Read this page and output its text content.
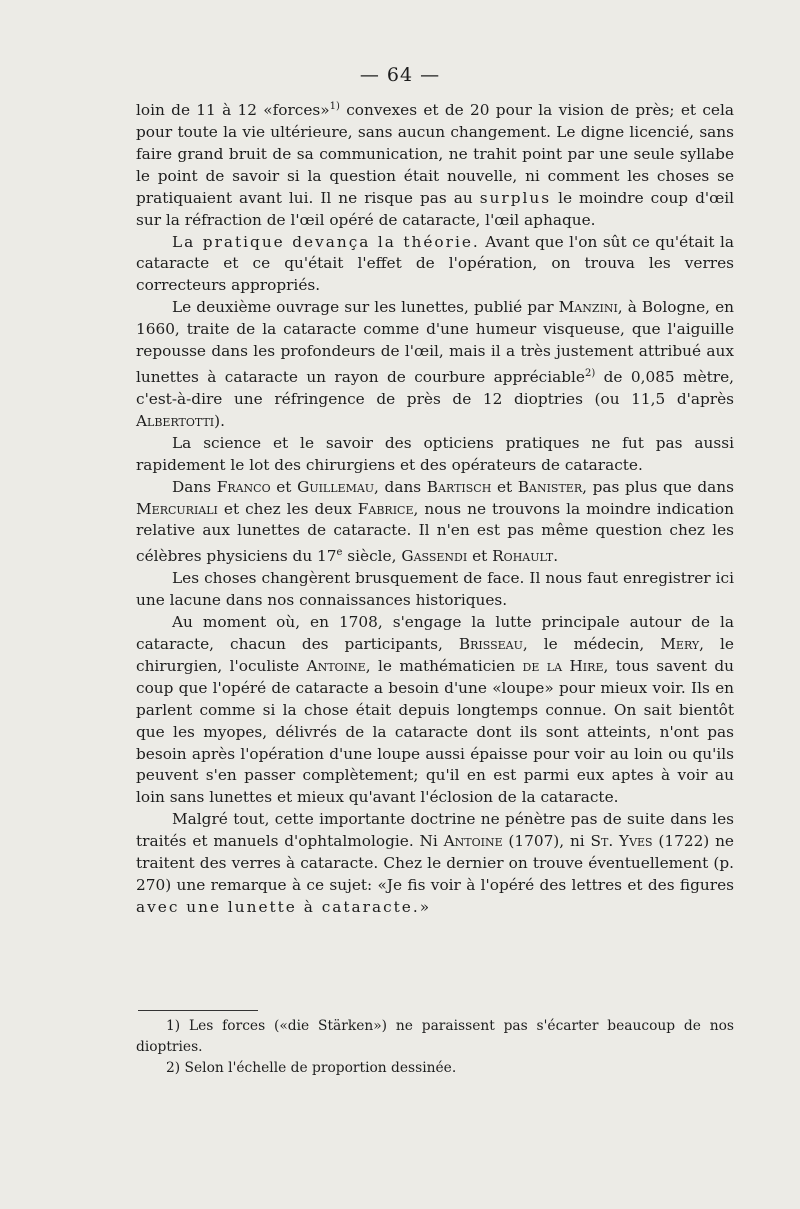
— 64 —

loin de 11 à 12 «forces»$^{1)}$ convexes et de 20 pour la vision de près; et cela pour toute la vie ultérieure, sans aucun changement. Le digne licencié, sans faire grand bruit de sa communication, ne trahit point par une seule syllabe le point de savoir si la question était nouvelle, ni comment les choses se pratiquaient avant lui. Il ne risque pas au surplus le moindre coup d'œil sur la réfraction de l'œil opéré de cataracte, l'œil aphaque.

La pratique devança la théorie. Avant que l'on sût ce qu'était la cataracte et ce qu'était l'effet de l'opération, on trouva les verres correcteurs appropriés.

Le deuxième ouvrage sur les lunettes, publié par Manzini, à Bologne, en 1660, traite de la cataracte comme d'une humeur visqueuse, que l'aiguille repousse dans les profondeurs de l'œil, mais il a très justement attribué aux lunettes à cataracte un rayon de courbure appréciable$^{2)}$ de 0,085 mètre, c'est-à-dire une réfringence de près de 12 dioptries (ou 11,5 d'après Albertotti).

La science et le savoir des opticiens pratiques ne fut pas aussi rapidement le lot des chirurgiens et des opérateurs de cataracte.

Dans Franco et Guillemau, dans Bartisch et Banister, pas plus que dans Mercuriali et chez les deux Fabrice, nous ne trouvons la moindre indication relative aux lunettes de cataracte. Il n'en est pas même question chez les célèbres physiciens du 17e siècle, Gassendi et Rohault.

Les choses changèrent brusquement de face. Il nous faut enregistrer ici une lacune dans nos connaissances historiques.

Au moment où, en 1708, s'engage la lutte principale autour de la cataracte, chacun des participants, Brisseau, le médecin, Mery, le chirurgien, l'oculiste Antoine, le mathématicien de la Hire, tous savent du coup que l'opéré de cataracte a besoin d'une «loupe» pour mieux voir. Ils en parlent comme si la chose était depuis longtemps connue. On sait bientôt que les myopes, délivrés de la cataracte dont ils sont atteints, n'ont pas besoin après l'opération d'une loupe aussi épaisse pour voir au loin ou qu'ils peuvent s'en passer complètement; qu'il en est parmi eux aptes à voir au loin sans lunettes et mieux qu'avant l'éclosion de la cataracte.

Malgré tout, cette importante doctrine ne pénètre pas de suite dans les traités et manuels d'ophtalmologie. Ni Antoine (1707), ni St. Yves (1722) ne traitent des verres à cataracte. Chez le dernier on trouve éventuellement (p. 270) une remarque à ce sujet: «Je fis voir à l'opéré des lettres et des figures avec une lunette à cataracte.»

1) Les forces («die Stärken») ne paraissent pas s'écarter beaucoup de nos dioptries.

2) Selon l'échelle de proportion dessinée.
